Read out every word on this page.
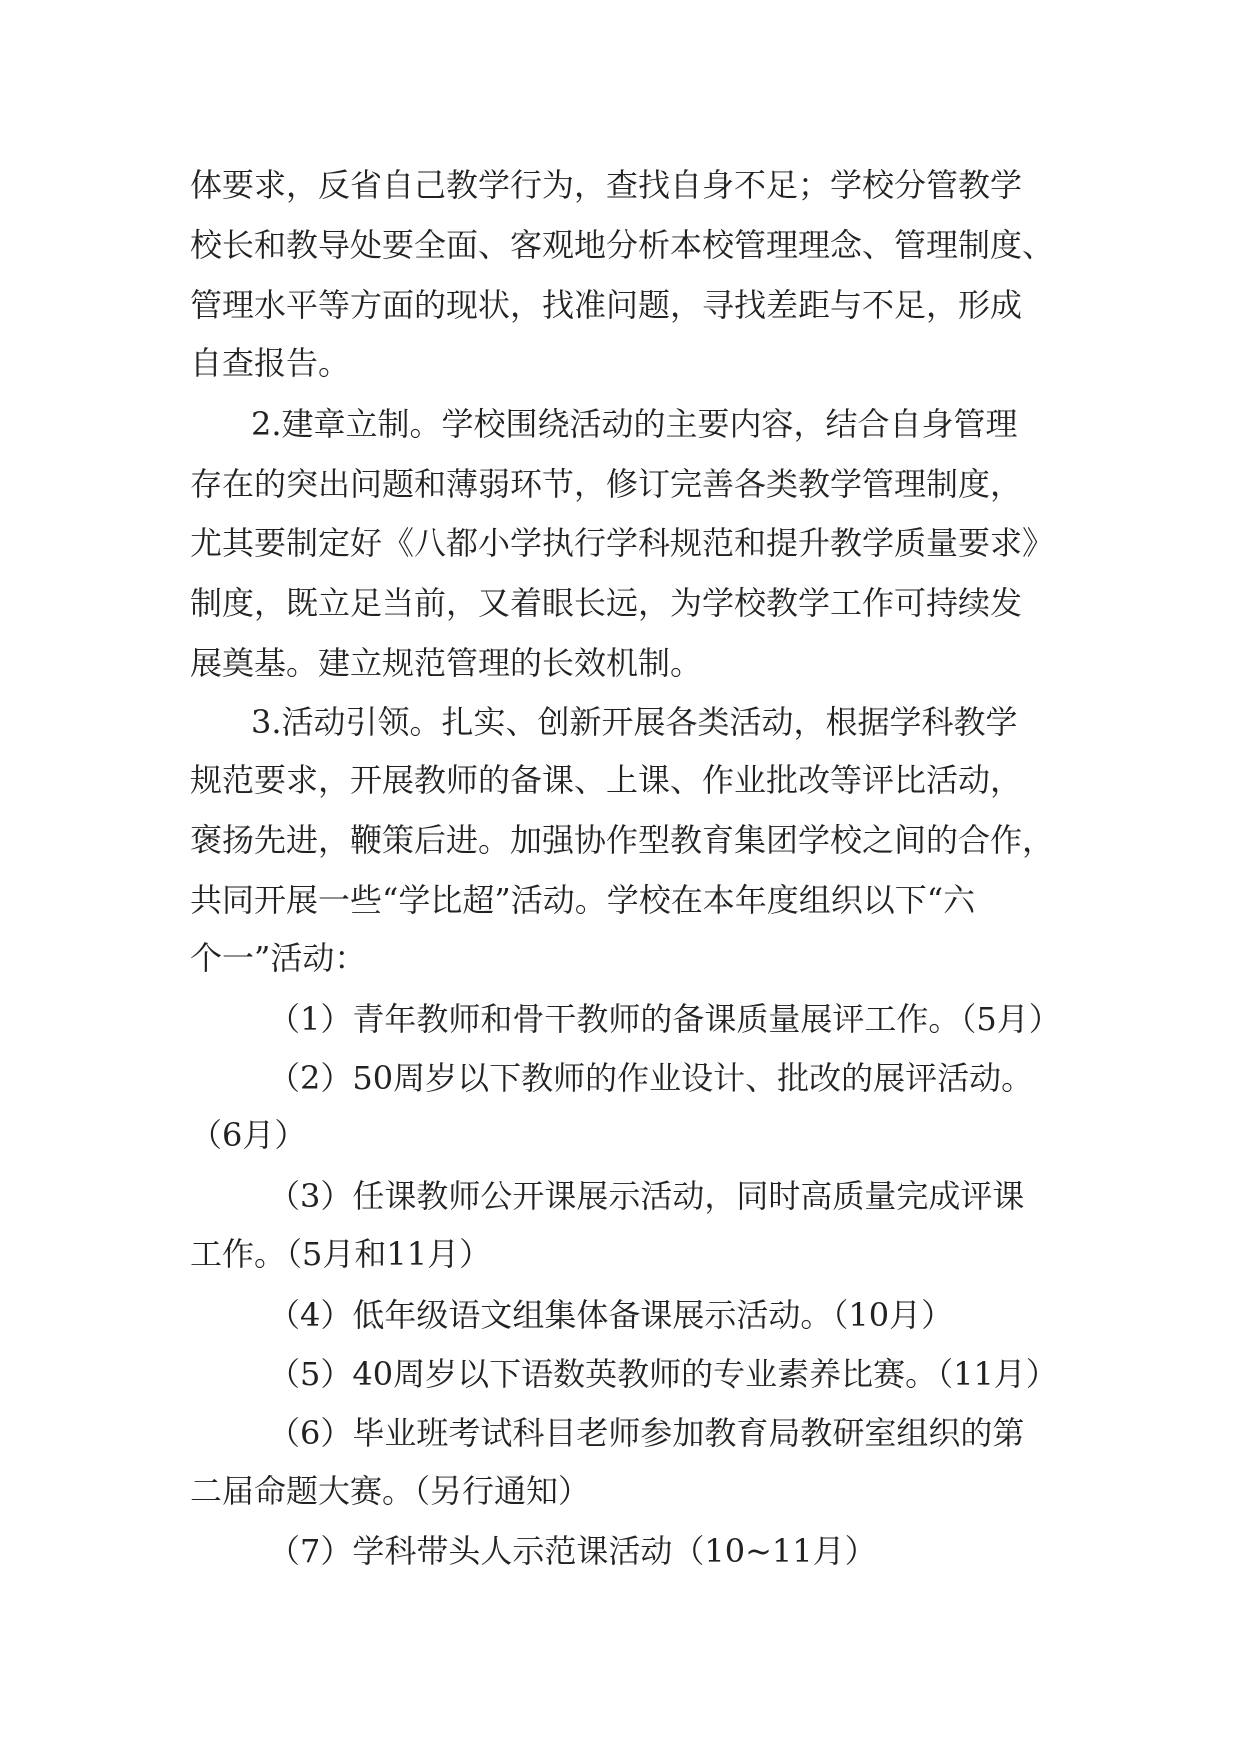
体要求，反省自己教学行为，查找自身不足；学校分管教学
校长和教导处要全面、客观地分析本校管理理念、管理制度、
管理水平等方面的现状，找准问题，寻找差距与不足，形成
自查报告。
2.建章立制。学校围绕活动的主要内容，结合自身管理
存在的突出问题和薄弱环节，修订完善各类教学管理制度，
尤其要制定好《八都小学执行学科规范和提升教学质量要求》
制度，既立足当前，又着眼长远，为学校教学工作可持续发
展奠基。建立规范管理的长效机制。
3.活动引领。扎实、创新开展各类活动，根据学科教学
规范要求，开展教师的备课、上课、作业批改等评比活动，
褒扬先进，鞭策后进。加强协作型教育集团学校之间的合作，
共同开展一些“学比超”活动。学校在本年度组织以下“六
个一”活动：
（1）青年教师和骨干教师的备课质量展评工作。（5月）
（2）50周岁以下教师的作业设计、批改的展评活动。
（6月）
（3）任课教师公开课展示活动，同时高质量完成评课
工作。（5月和11月）
（4）低年级语文组集体备课展示活动。（10月）
（5）40周岁以下语数英教师的专业素养比赛。（11月）
（6）毕业班考试科目老师参加教育局教研室组织的第
二届命题大赛。（另行通知）
（7）学科带头人示范课活动（10~11月）
